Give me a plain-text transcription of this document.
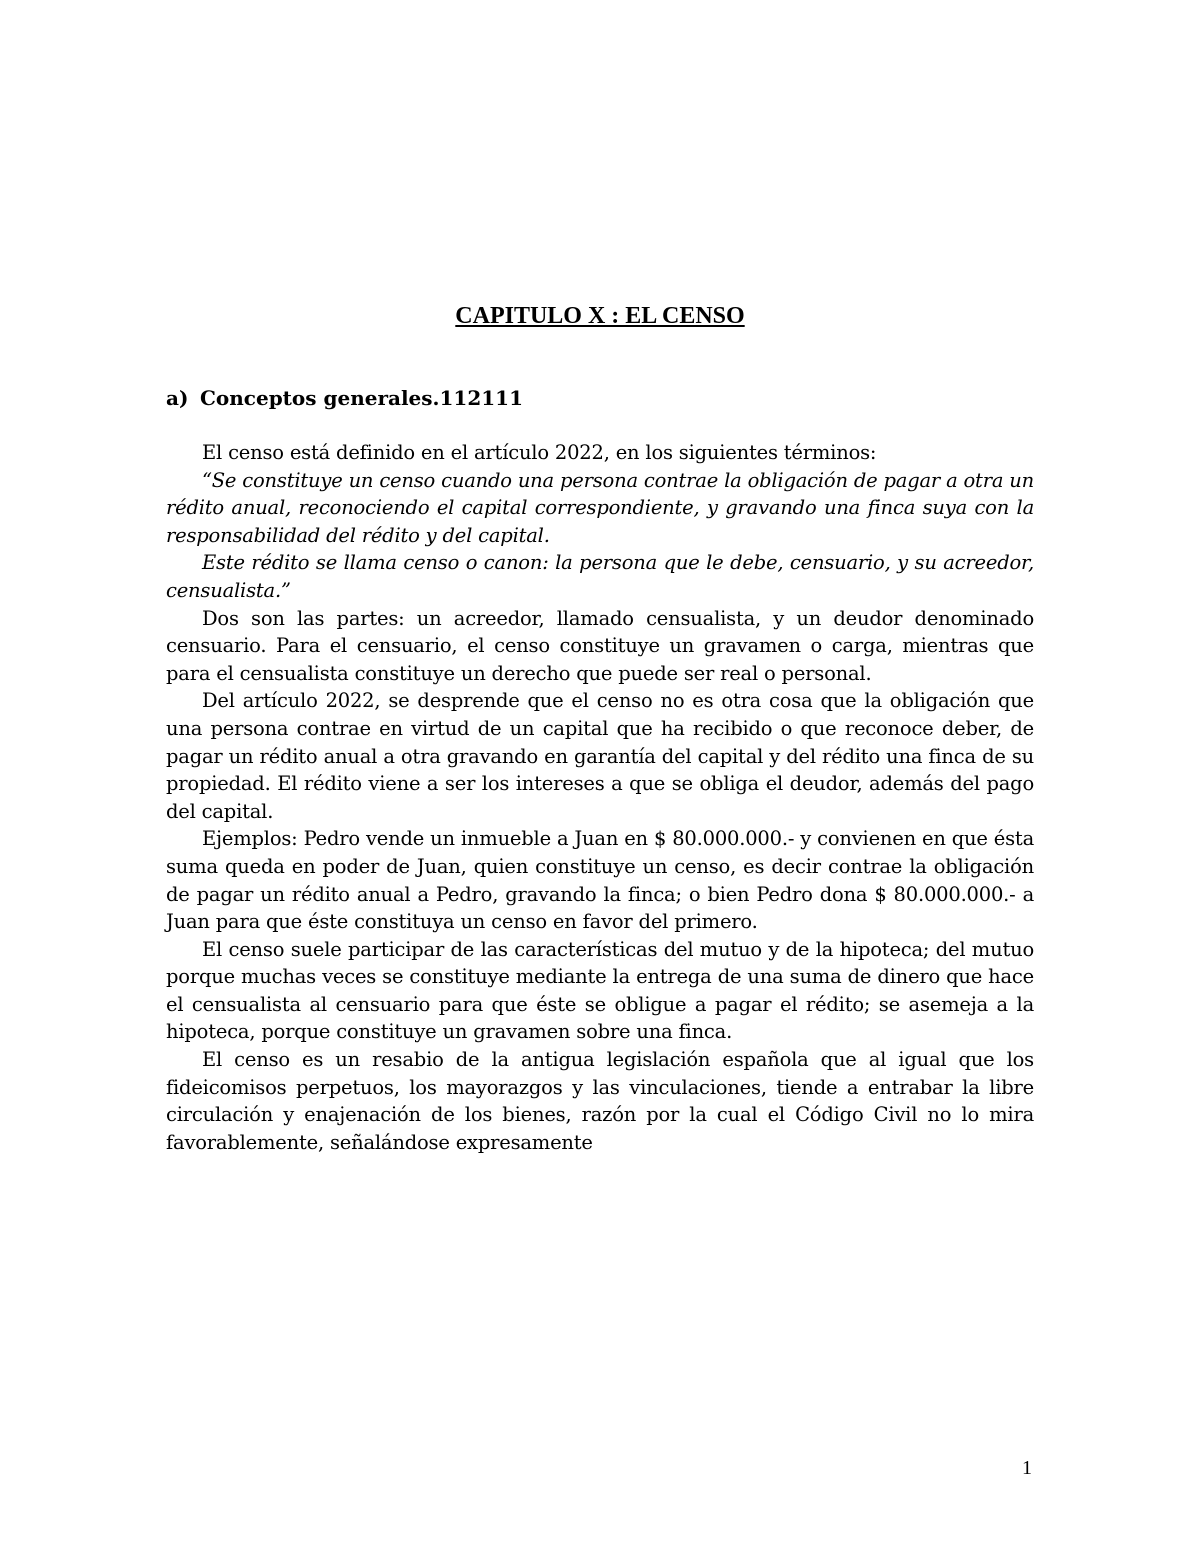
CAPITULO X : EL CENSO
a) Conceptos generales.112111

El censo está definido en el artículo 2022, en los siguientes términos:

“Se constituye un censo cuando una persona contrae la obligación de pagar a otra un rédito anual, reconociendo el capital correspondiente, y gravando una finca suya con la responsabilidad del rédito y del capital.

Este rédito se llama censo o canon: la persona que le debe, censuario, y su acreedor, censualista.”

Dos son las partes: un acreedor, llamado censualista, y un deudor denominado censuario. Para el censuario, el censo constituye un gravamen o carga, mientras que para el censualista constituye un derecho que puede ser real o personal.

Del artículo 2022, se desprende que el censo no es otra cosa que la obligación que una persona contrae en virtud de un capital que ha recibido o que reconoce deber, de pagar un rédito anual a otra gravando en garantía del capital y del rédito una finca de su propiedad. El rédito viene a ser los intereses a que se obliga el deudor, además del pago del capital.

Ejemplos: Pedro vende un inmueble a Juan en $ 80.000.000.- y convienen en que ésta suma queda en poder de Juan, quien constituye un censo, es decir contrae la obligación de pagar un rédito anual a Pedro, gravando la finca; o bien Pedro dona $ 80.000.000.- a Juan para que éste constituya un censo en favor del primero.

El censo suele participar de las características del mutuo y de la hipoteca; del mutuo porque muchas veces se constituye mediante la entrega de una suma de dinero que hace el censualista al censuario para que éste se obligue a pagar el rédito; se asemeja a la hipoteca, porque constituye un gravamen sobre una finca.

El censo es un resabio de la antigua legislación española que al igual que los fideicomisos perpetuos, los mayorazgos y las vinculaciones, tiende a entrabar la libre circulación y enajenación de los bienes, razón por la cual el Código Civil no lo mira favorablemente, señalándose expresamente

1
